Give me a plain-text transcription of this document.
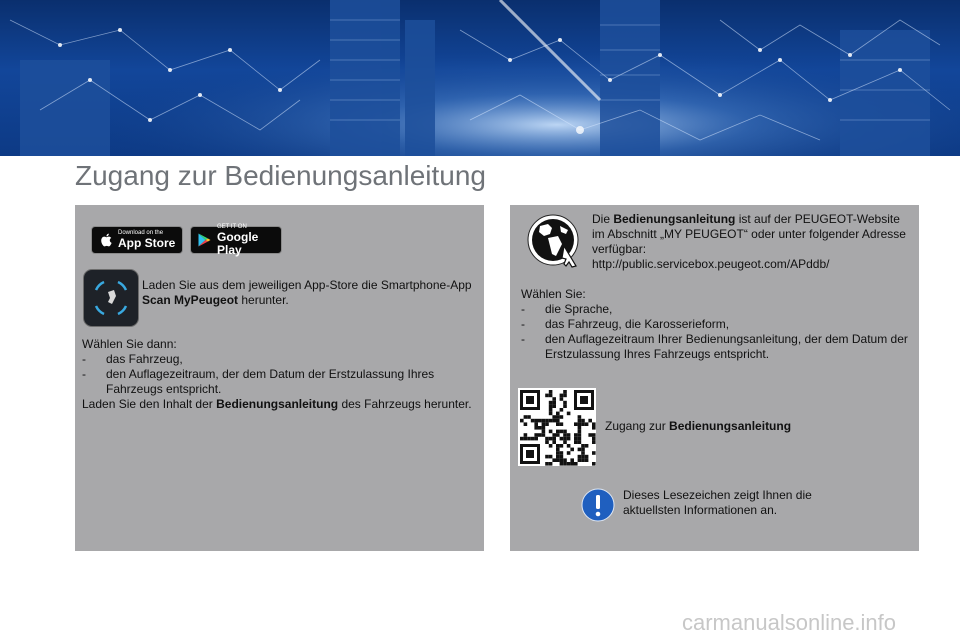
Zugang zur Bedienungsanleitung
Download on the
App Store
GET IT ON
Google Play
Laden Sie aus dem jeweiligen App-Store die Smartphone-App Scan MyPeugeot herunter.
Wählen Sie dann:
- das Fahrzeug,
- den Auflagezeitraum, der dem Datum der Erstzulassung Ihres Fahrzeugs entspricht.
Laden Sie den Inhalt der Bedienungsanleitung des Fahrzeugs herunter.
Die Bedienungsanleitung ist auf der PEUGEOT-Website im Abschnitt „MY PEUGEOT“ oder unter folgender Adresse verfügbar:
http://public.servicebox.peugeot.com/APddb/
Wählen Sie:
- die Sprache,
- das Fahrzeug, die Karosserieform,
- den Auflagezeitraum Ihrer Bedienungsanleitung, der dem Datum der Erstzulassung Ihres Fahrzeugs entspricht.
Zugang zur Bedienungsanleitung
Dieses Lesezeichen zeigt Ihnen die aktuellsten Informationen an.
carmanualsonline.info
